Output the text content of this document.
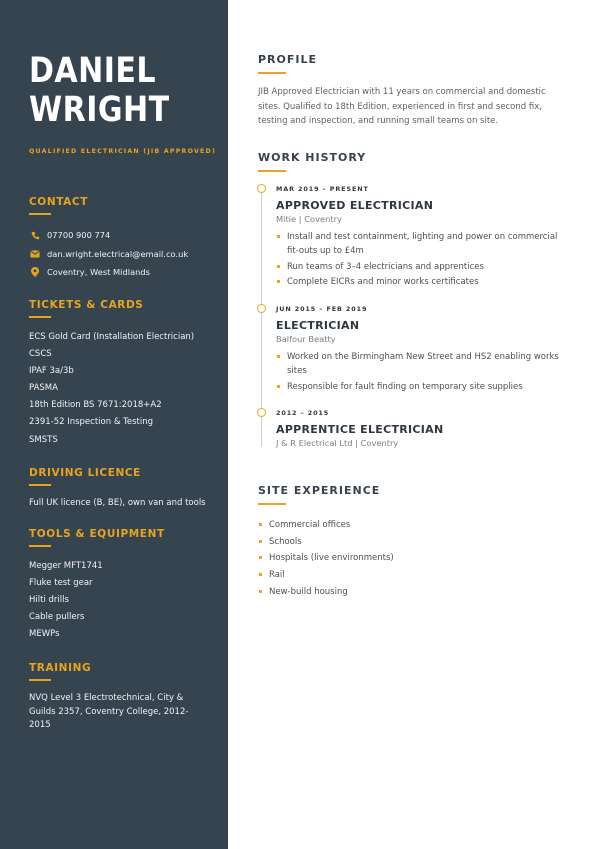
DANIEL
WRIGHT
QUALIFIED ELECTRICIAN (JIB APPROVED)
CONTACT
07700 900 774
dan.wright.electrical@email.co.uk
Coventry, West Midlands
TICKETS & CARDS
ECS Gold Card (Installation Electrician)
CSCS
IPAF 3a/3b
PASMA
18th Edition BS 7671:2018+A2
2391-52 Inspection & Testing
SMSTS
DRIVING LICENCE
Full UK licence (B, BE), own van and tools
TOOLS & EQUIPMENT
Megger MFT1741
Fluke test gear
Hilti drills
Cable pullers
MEWPs
TRAINING
NVQ Level 3 Electrotechnical, City &
Guilds 2357, Coventry College, 2012-2015
PROFILE
JIB Approved Electrician with 11 years on commercial and domestic
sites. Qualified to 18th Edition, experienced in first and second fix,
testing and inspection, and running small teams on site.
WORK HISTORY
MAR 2019 – PRESENT
APPROVED ELECTRICIAN
Mitie | Coventry
Install and test containment, lighting and power on commercial fit-outs up to £4m
Run teams of 3–4 electricians and apprentices
Complete EICRs and minor works certificates
JUN 2015 – FEB 2019
ELECTRICIAN
Balfour Beatty
Worked on the Birmingham New Street and HS2 enabling works sites
Responsible for fault finding on temporary site supplies
2012 – 2015
APPRENTICE ELECTRICIAN
J & R Electrical Ltd | Coventry
SITE EXPERIENCE
Commercial offices
Schools
Hospitals (live environments)
Rail
New-build housing
